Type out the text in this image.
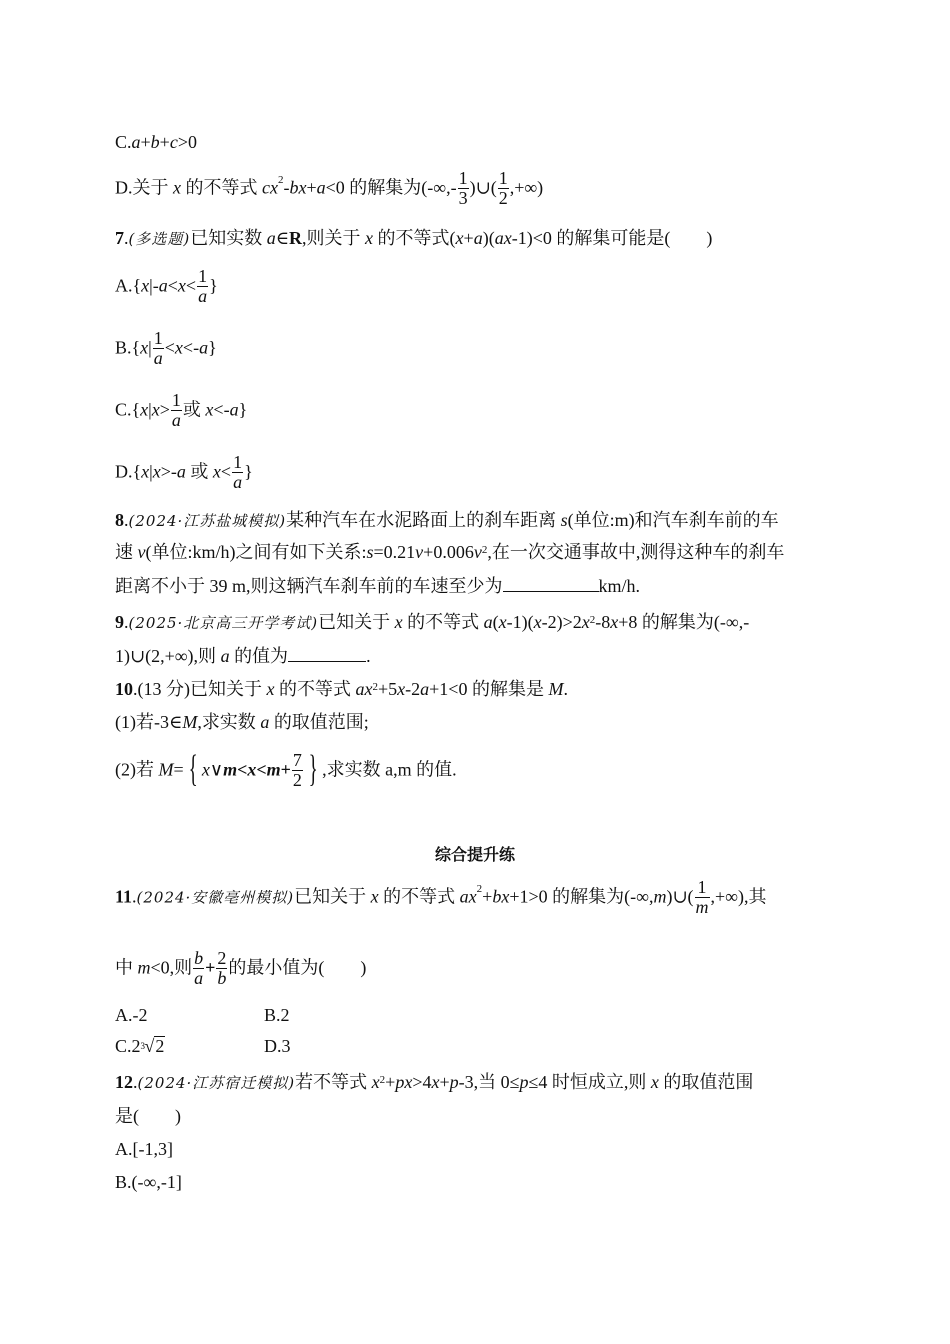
C.a+b+c>0
D.关于 x 的不等式 $cx^2-bx+a<0$ 的解集为(-∞,- $\frac{1}{3}$ )∪( $\frac{1}{2}$ ,+∞)
7.(多选题)已知实数 a∈R,则关于 x 的不等式(x+a)(ax-1)<0 的解集可能是(　　)
$A.\{x|-a<x< \frac{1}{a}$ }
$B.\{x| \frac{1}{a} <x<-a\}$
$C.\{x|x> \frac{1}{a}$ 或 x<-a}
D.{x|x>-a 或 $x< \frac{1}{a}$ }
8.(2024·江苏盐城模拟)某种汽车在水泥路面上的刹车距离 s(单位:m)和汽车刹车前的车
速 v(单位:km/h)之间有如下关系$:s=0.21v+0.006v^2$,在一次交通事故中,测得这种车的刹车
距离不小于 39 m,则这辆汽车刹车前的车速至少为	km/h.
9.(2025·北京高三开学考试)已知关于 x 的不等式 $a(x-1)(x-2)>2x^2-8x+8$ 的解集为(-∞,-
1)∪(2,+∞),则 a 的值为	.
10.(13 分)已知关于 x 的不等式 $ax^2+5x-2a+1<0$ 的解集是 M.
(1)若-3∈M,求实数 a 的取值范围;
(2)若 M= { x∨m<x<m+ $\frac{7}{2}$ } ,求实数 a,m 的值.
综合提升练
11.(2024·安徽亳州模拟)已知关于 x 的不等式 $ax^2+bx+1>0$ 的解集为(-∞,m)∪( $\frac{1}{m}$ ,+∞),其
中 m<0,则 $\frac{b}{a} + \frac{2}{b}$ 的最小值为(　　)
A.-2	B.2
C.2 3 √2	D.3
12.(2024·江苏宿迁模拟)若不等式 $x^2+px>4x+p-3$,当 0≤p≤4 时恒成立,则 x 的取值范围
是(　　)
A.[-1,3]
B.(-∞,-1]
